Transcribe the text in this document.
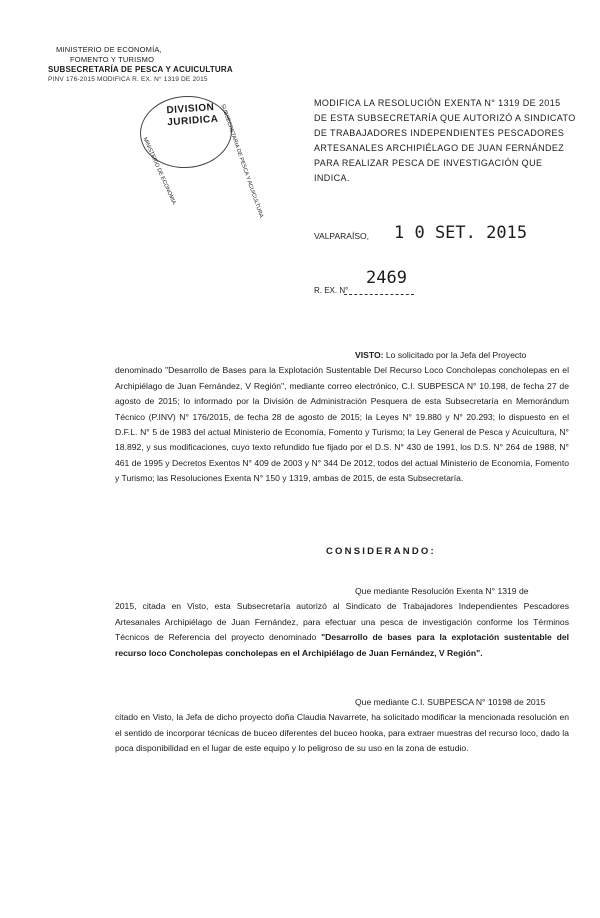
MINISTERIO DE ECONOMÍA,
FOMENTO Y TURISMO
SUBSECRETARÍA DE PESCA Y ACUICULTURA
PINV 176-2015 MODIFICA R. EX. N° 1319 DE 2015
MINISTERIO DE ECONOMIA	SUBSECRETARIA DE PESCA Y ACUICULTURA
DIVISION
JURIDICA
MODIFICA LA RESOLUCIÓN EXENTA N° 1319 DE 2015 DE ESTA SUBSECRETARÍA QUE AUTORIZÓ A SINDICATO DE TRABAJADORES INDEPENDIENTES PESCADORES ARTESANALES ARCHIPIÉLAGO DE JUAN FERNÁNDEZ PARA REALIZAR PESCA DE INVESTIGACIÓN QUE INDICA.
VALPARAÍSO, 1 0 SET. 2015
R. EX. N°
2469
VISTO: Lo solicitado por la Jefa del Proyecto
denominado "Desarrollo de Bases para la Explotación Sustentable Del Recurso Loco Concholepas concholepas en el Archipiélago de Juan Fernández, V Región", mediante correo electrónico, C.I. SUBPESCA N° 10.198, de fecha 27 de agosto de 2015; lo informado por la División de Administración Pesquera de esta Subsecretaría en Memorándum Técnico (P.INV) N° 176/2015, de fecha 28 de agosto de 2015; la Leyes N° 19.880 y N° 20.293; lo dispuesto en el D.F.L. N° 5 de 1983 del actual Ministerio de Economía, Fomento y Turismo; la Ley General de Pesca y Acuicultura, N° 18.892, y sus modificaciones, cuyo texto refundido fue fijado por el D.S. N° 430 de 1991, los D.S. N° 264 de 1988, N° 461 de 1995 y Decretos Exentos N° 409 de 2003 y N° 344 De 2012, todos del actual Ministerio de Economía, Fomento y Turismo; las Resoluciones Exenta N° 150 y 1319, ambas de 2015, de esta Subsecretaría.
CONSIDERANDO:
Que mediante Resolución Exenta N° 1319 de
2015, citada en Visto, esta Subsecretaría autorizó al Sindicato de Trabajadores Independientes Pescadores Artesanales Archipiélago de Juan Fernández, para efectuar una pesca de investigación conforme los Términos Técnicos de Referencia del proyecto denominado "Desarrollo de bases para la explotación sustentable del recurso loco Concholepas concholepas en el Archipiélago de Juan Fernández, V Región".
Que mediante C.I. SUBPESCA N° 10198 de 2015
citado en Visto, la Jefa de dicho proyecto doña Claudia Navarrete, ha solicitado modificar la mencionada resolución en el sentido de incorporar técnicas de buceo diferentes del buceo hooka, para extraer muestras del recurso loco, dado la poca disponibilidad en el lugar de este equipo y lo peligroso de su uso en la zona de estudio.
